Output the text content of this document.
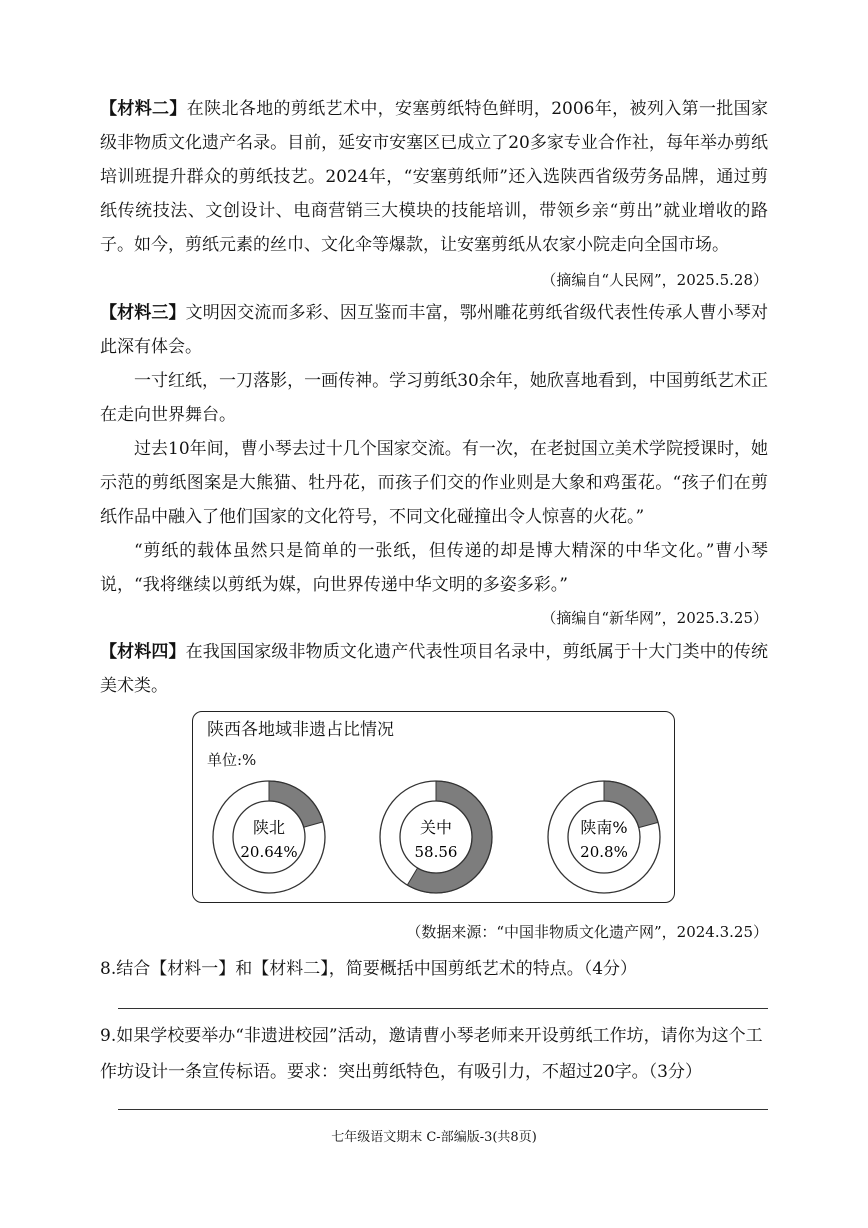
【材料二】在陕北各地的剪纸艺术中，安塞剪纸特色鲜明，2006年，被列入第一批国家级非物质文化遗产名录。目前，延安市安塞区已成立了20多家专业合作社，每年举办剪纸培训班提升群众的剪纸技艺。2024年，“安塞剪纸师”还入选陕西省级劳务品牌，通过剪纸传统技法、文创设计、电商营销三大模块的技能培训，带领乡亲“剪出”就业增收的路子。如今，剪纸元素的丝巾、文化伞等爆款，让安塞剪纸从农家小院走向全国市场。

（摘编自“人民网”，2025.5.28）

【材料三】文明因交流而多彩、因互鉴而丰富，鄂州雕花剪纸省级代表性传承人曹小琴对此深有体会。

一寸红纸，一刀落影，一画传神。学习剪纸30余年，她欣喜地看到，中国剪纸艺术正在走向世界舞台。

过去10年间，曹小琴去过十几个国家交流。有一次，在老挝国立美术学院授课时，她示范的剪纸图案是大熊猫、牡丹花，而孩子们交的作业则是大象和鸡蛋花。“孩子们在剪纸作品中融入了他们国家的文化符号，不同文化碰撞出令人惊喜的火花。”

“剪纸的载体虽然只是简单的一张纸，但传递的却是博大精深的中华文化。”曹小琴说，“我将继续以剪纸为媒，向世界传递中华文明的多姿多彩。”

（摘编自“新华网”，2025.3.25）

【材料四】在我国国家级非物质文化遗产代表性项目名录中，剪纸属于十大门类中的传统美术类。

陕西各地域非遗占比情况
单位:%
陕北
20.64%
关中
58.56
陕南%
20.8%
（数据来源：“中国非物质文化遗产网”，2024.3.25）

8.结合【材料一】和【材料二】，简要概括中国剪纸艺术的特点。（4分）

9.如果学校要举办“非遗进校园”活动，邀请曹小琴老师来开设剪纸工作坊，请你为这个工作坊设计一条宣传标语。要求：突出剪纸特色，有吸引力，不超过20字。（3分）

七年级语文期末 C-部编版-3(共8页)
